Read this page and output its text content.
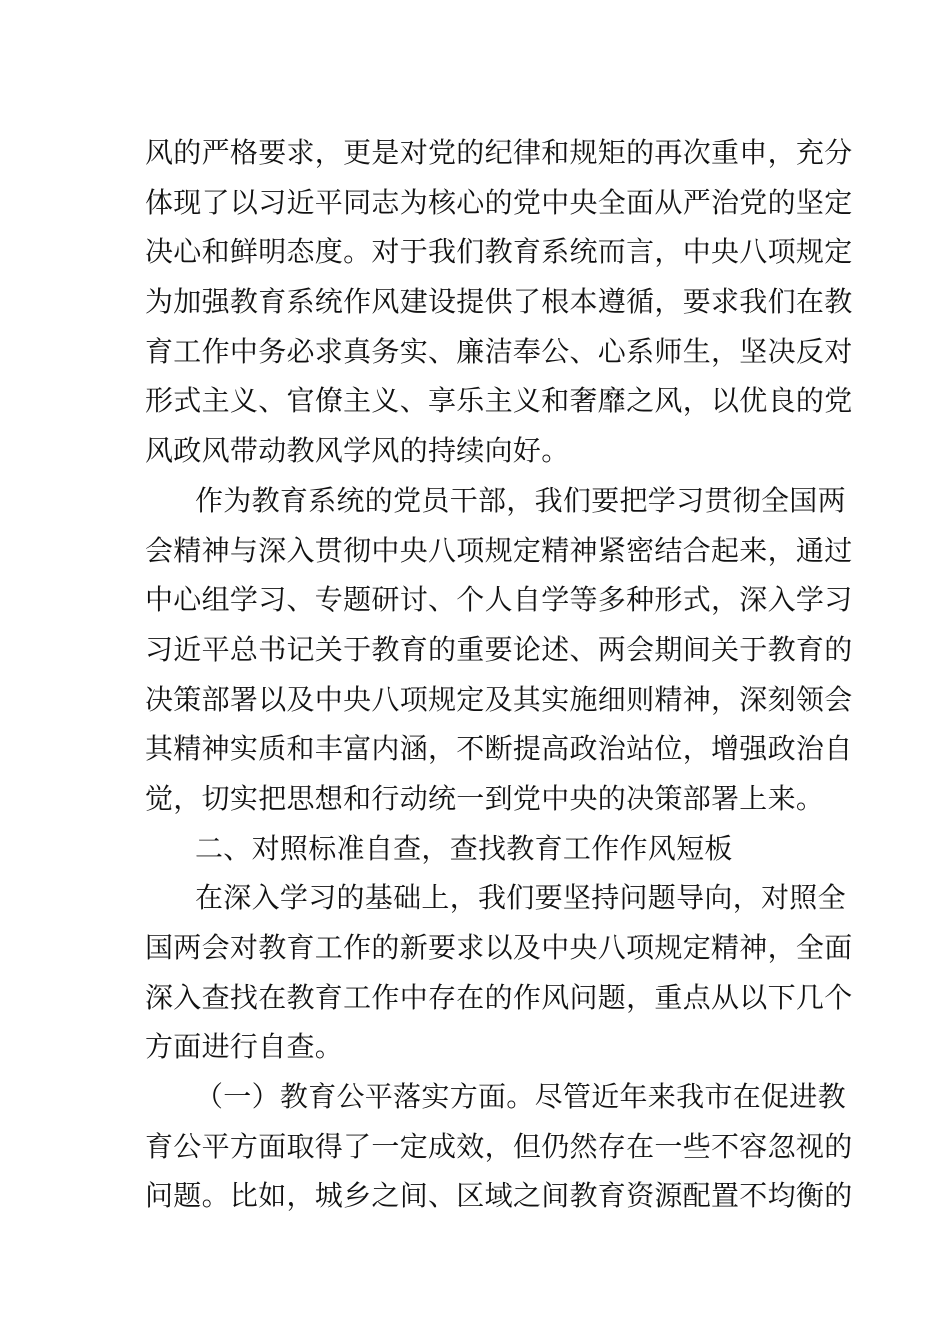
风的严格要求，更是对党的纪律和规矩的再次重申，充分
体现了以习近平同志为核心的党中央全面从严治党的坚定
决心和鲜明态度。对于我们教育系统而言，中央八项规定
为加强教育系统作风建设提供了根本遵循，要求我们在教
育工作中务必求真务实、廉洁奉公、心系师生，坚决反对
形式主义、官僚主义、享乐主义和奢靡之风，以优良的党
风政风带动教风学风的持续向好。
作为教育系统的党员干部，我们要把学习贯彻全国两
会精神与深入贯彻中央八项规定精神紧密结合起来，通过
中心组学习、专题研讨、个人自学等多种形式，深入学习
习近平总书记关于教育的重要论述、两会期间关于教育的
决策部署以及中央八项规定及其实施细则精神，深刻领会
其精神实质和丰富内涵，不断提高政治站位，增强政治自
觉，切实把思想和行动统一到党中央的决策部署上来。
二、对照标准自查，查找教育工作作风短板
在深入学习的基础上，我们要坚持问题导向，对照全
国两会对教育工作的新要求以及中央八项规定精神，全面
深入查找在教育工作中存在的作风问题，重点从以下几个
方面进行自查。
（一）教育公平落实方面。尽管近年来我市在促进教
育公平方面取得了一定成效，但仍然存在一些不容忽视的
问题。比如，城乡之间、区域之间教育资源配置不均衡的
